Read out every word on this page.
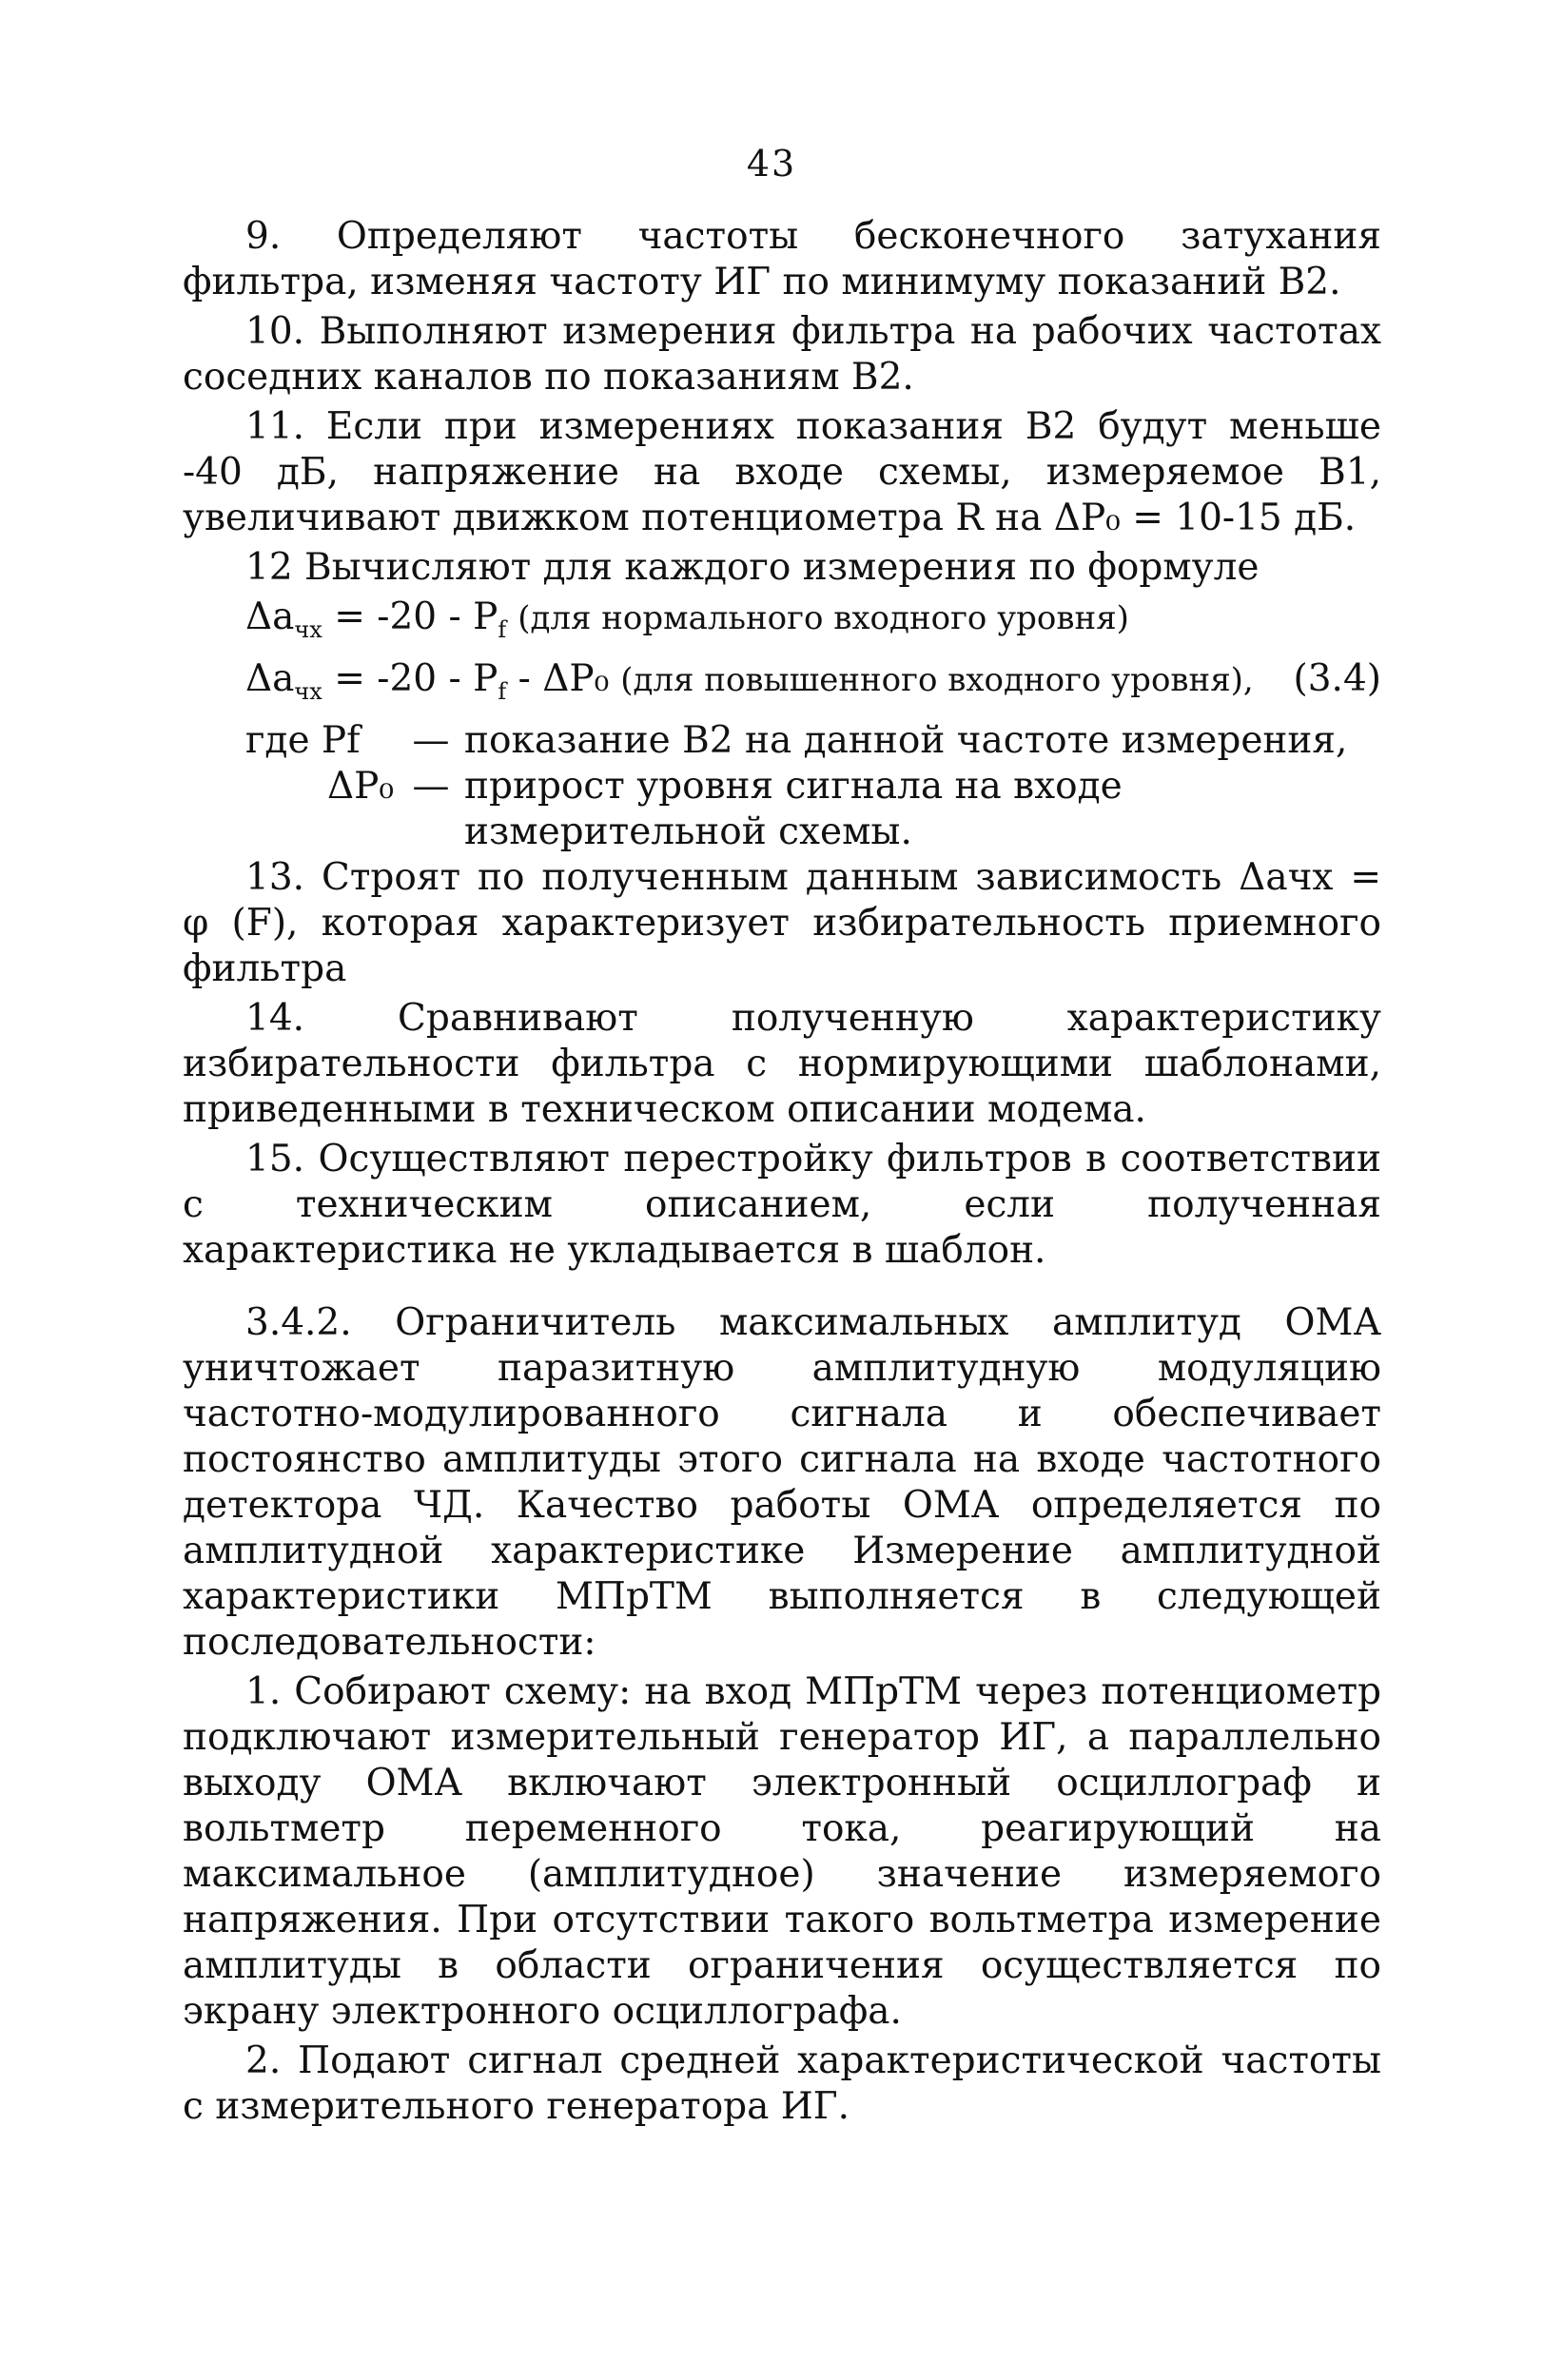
43

9. Определяют частоты бесконечного затухания фильтра, изменяя частоту ИГ по минимуму показаний В2.

10. Выполняют измерения фильтра на рабочих частотах соседних каналов по показаниям В2.

11. Если при измерениях показания В2 будут меньше -40 дБ, напряжение на входе схемы, измеряемое В1, увеличивают движком потенциометра R на ΔP₀ = 10-15 дБ.

12 Вычисляют для каждого измерения по формуле

$\Delta a_{чх} = -20 - P_f$ (для нормального входного уровня)
$\Delta a_{чх} = -20 - P_f - \Delta P_0$ (для повышенного входного уровня), (3.4)
где Pf	— показание В2 на данной частоте измерения,
ΔP₀ — прирост уровня сигнала на входе измерительной схемы.

13. Строят по полученным данным зависимость Δaчх = φ (F), которая характеризует избирательность приемного фильтра

14. Сравнивают полученную характеристику избирательности фильтра с нормирующими шаблонами, приведенными в техническом описании модема.

15. Осуществляют перестройку фильтров в соответствии с техническим описанием, если полученная характеристика не укладывается в шаблон.

3.4.2. Ограничитель максимальных амплитуд ОМА уничтожает паразитную амплитудную модуляцию частотно-модулированного сигнала и обеспечивает постоянство амплитуды этого сигнала на входе частотного детектора ЧД. Качество работы ОМА определяется по амплитудной характеристике Измерение амплитудной характеристики МПрТМ выполняется в следующей последовательности:

1. Собирают схему: на вход МПрТМ через потенциометр подключают измерительный генератор ИГ, а параллельно выходу ОМА включают электронный осциллограф и вольтметр переменного тока, реагирующий на максимальное (амплитудное) значение измеряемого напряжения. При отсутствии такого вольтметра измерение амплитуды в области ограничения осуществляется по экрану электронного осциллографа.

2. Подают сигнал средней характеристической частоты с измерительного генератора ИГ.
